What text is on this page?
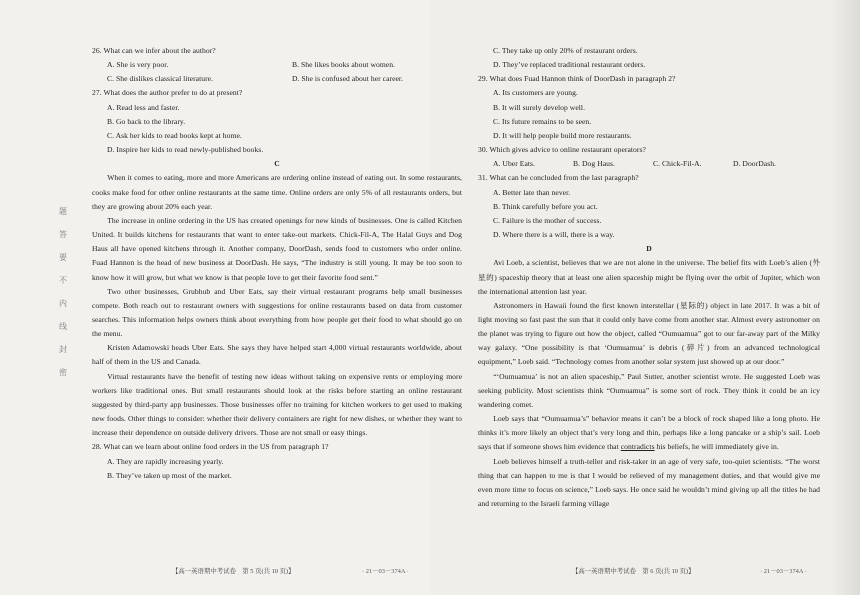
题
答
要
不
内
线
封
密
26. What can we infer about the author?
A. She is very poor.	B. She likes books about women.
C. She dislikes classical literature.	D. She is confused about her career.
27. What does the author prefer to do at present?
A. Read less and faster.
B. Go back to the library.
C. Ask her kids to read books kept at home.
D. Inspire her kids to read newly-published books.
C
When it comes to eating, more and more Americans are ordering online instead of eating out. In some restaurants, cooks make food for other online restaurants at the same time. Online orders are only 5% of all restaurants orders, but they are growing about 20% each year.
The increase in online ordering in the US has created openings for new kinds of businesses. One is called Kitchen United. It builds kitchens for restaurants that want to enter take-out markets. Chick-Fil-A, The Halal Guys and Dog Haus all have opened kitchens through it. Another company, DoorDash, sends food to customers who order online. Fuad Hannon is the head of new business at DoorDash. He says, “The industry is still young. It may be too soon to know how it will grow, but what we know is that people love to get their favorite food sent.”
Two other businesses, Grubhub and Uber Eats, say their virtual restaurant programs help small businesses compete. Both reach out to restaurant owners with suggestions for online restaurants based on data from customer searches. This information helps owners think about everything from how people get their food to what should go on the menu.
Kristen Adamowski heads Uber Eats. She says they have helped start 4,000 virtual restaurants worldwide, about half of them in the US and Canada.
Virtual restaurants have the benefit of testing new ideas without taking on expensive rents or employing more workers like traditional ones. But small restaurants should look at the risks before starting an online restaurant suggested by third-party app businesses. Those businesses offer no training for kitchen workers to get used to making new foods. Other things to consider: whether their delivery containers are right for new dishes, or whether they want to increase their dependence on outside delivery drivers. Those are not small or easy things.
28. What can we learn about online food orders in the US from paragraph 1?
A. They are rapidly increasing yearly.
B. They’ve taken up most of the market.
【高一英语期中考试卷　第 5 页(共 10 页)】	· 21－03－374A ·
C. They take up only 20% of restaurant orders.
D. They’ve replaced traditional restaurant orders.
29. What does Fuad Hannon think of DoorDash in paragraph 2?
A. Its customers are young.
B. It will surely develop well.
C. Its future remains to be seen.
D. It will help people build more restaurants.
30. Which gives advice to online restaurant operators?
A. Uber Eats.	B. Dog Haus.	C. Chick-Fil-A.	D. DoorDash.
31. What can be concluded from the last paragraph?
A. Better late than never.
B. Think carefully before you act.
C. Failure is the mother of success.
D. Where there is a will, there is a way.
D
Avi Loeb, a scientist, believes that we are not alone in the universe. The belief fits with Loeb’s alien (外星的) spaceship theory that at least one alien spaceship might be flying over the orbit of Jupiter, which won the international attention last year.
Astronomers in Hawaii found the first known interstellar (星际的) object in late 2017. It was a bit of light moving so fast past the sun that it could only have come from another star. Almost every astronomer on the planet was trying to figure out how the object, called “Oumuamua” got to our far-away part of the Milky way galaxy. “One possibility is that ‘Oumuamua’ is debris (碎片) from an advanced technological equipment,” Loeb said. “Technology comes from another solar system just showed up at our door.”
“‘Oumuamua’ is not an alien spaceship,” Paul Sutter, another scientist wrote. He suggested Loeb was seeking publicity. Most scientists think “Oumuamua” is some sort of rock. They think it could be an icy wandering comet.
Loeb says that “Oumuamua’s” behavior means it can’t be a block of rock shaped like a long photo. He thinks it’s more likely an object that’s very long and thin, perhaps like a long pancake or a ship’s sail. Loeb says that if someone shows him evidence that contradicts his beliefs, he will immediately give in.
Loeb believes himself a truth-teller and risk-taker in an age of very safe, too-quiet scientists. “The worst thing that can happen to me is that I would be relieved of my management duties, and that would give me even more time to focus on science,” Loeb says. He once said he wouldn’t mind giving up all the titles he had and returning to the Israeli farming village
【高一英语期中考试卷　第 6 页(共 10 页)】	· 21－03－374A ·
